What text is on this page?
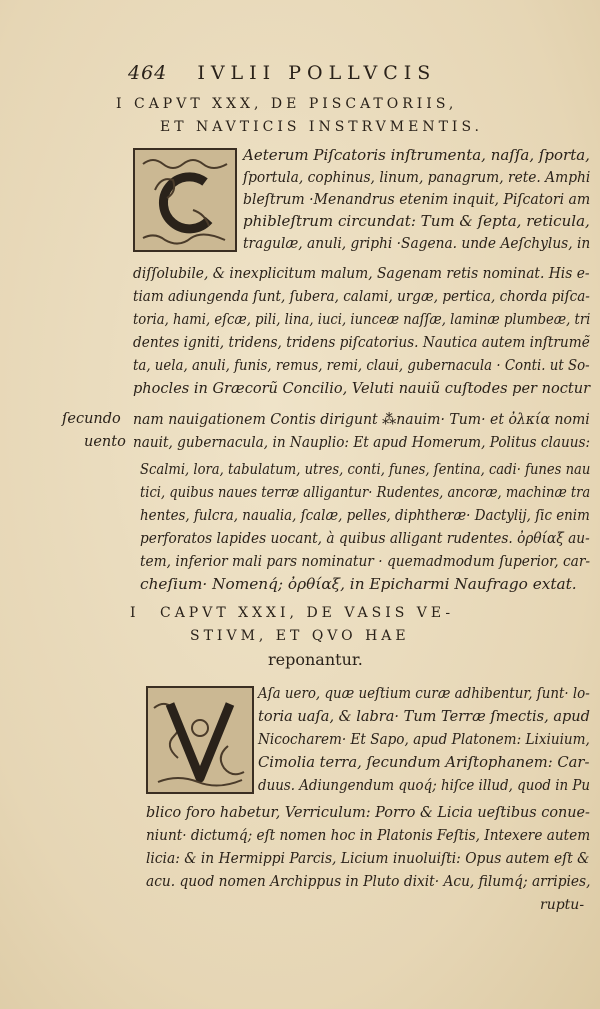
464 IVLII POLLVCIS
I CAPVT XXX, DE PISCATORIIS,
ET NAVTICIS INSTRVMENTIS.
Aeterum Piſcatoris inſtrumenta, naſſa, ſporta,
ſportula, cophinus, linum, panagrum, rete. Amphi
bleſtrum ·Menandrus etenim inquit, Piſcatori am
phibleſtrum circundat: Tum & ſepta, reticula,
tragulæ, anuli, griphi ·Sagena. unde Aeſchylus, in
diſſolubile, & inexplicitum malum, Sagenam retis nominat. His e-
tiam adiungenda ſunt, ſubera, calami, urgæ, pertica, chorda piſca-
toria, hami, eſcæ, pili, lina, iuci, iunceæ naſſæ, laminæ plumbeæ, tri
dentes igniti, tridens, tridens piſcatorius. Nautica autem inſtrumẽ
ta, uela, anuli, funis, remus, remi, claui, gubernacula · Conti. ut So-
phocles in Græcorũ Concilio, Veluti nauiũ cuſtodes per noctur
ſecundo nam nauigationem Contis dirigunt ⁂nauim· Tum· et ὀλκία nomi
uento nauit, gubernacula, in Nauplio: Et apud Homerum, Politus clauus:
Scalmi, lora, tabulatum, utres, conti, funes, ſentina, cadi· funes nau
tici, quibus naues terræ alligantur· Rudentes, ancoræ, machinæ tra
hentes, fulcra, naualia, ſcalæ, pelles, diphtheræ· Dactylij, ſic enim
perforatos lapides uocant, à quibus alligant rudentes. ὀρθίαξ au-
tem, inferior mali pars nominatur · quemadmodum ſuperior, car-
cheſium· Nomenq́; ὀρθίαξ, in Epicharmi Naufrago extat.
I CAPVT XXXI, DE VASIS VE-
STIVM, ET QVO HAE
reponantur.
Aſa uero, quæ ueſtium curæ adhibentur, ſunt· lo-
toria uaſa, & labra· Tum Terræ ſmectis, apud
Nicocharem· Et Sapo, apud Platonem: Lixiuium,
Cimolia terra, ſecundum Ariſtophanem: Car-
duus. Adiungendum quoq́; hiſce illud, quod in Pu
blico foro habetur, Verriculum: Porro & Licia ueſtibus conue-
niunt· dictumq́; eſt nomen hoc in Platonis Feſtis, Intexere autem
licia: & in Hermippi Parcis, Licium inuoluiſti: Opus autem eſt &
acu. quod nomen Archippus in Pluto dixit· Acu, filumq́; arripies,
ruptu-
